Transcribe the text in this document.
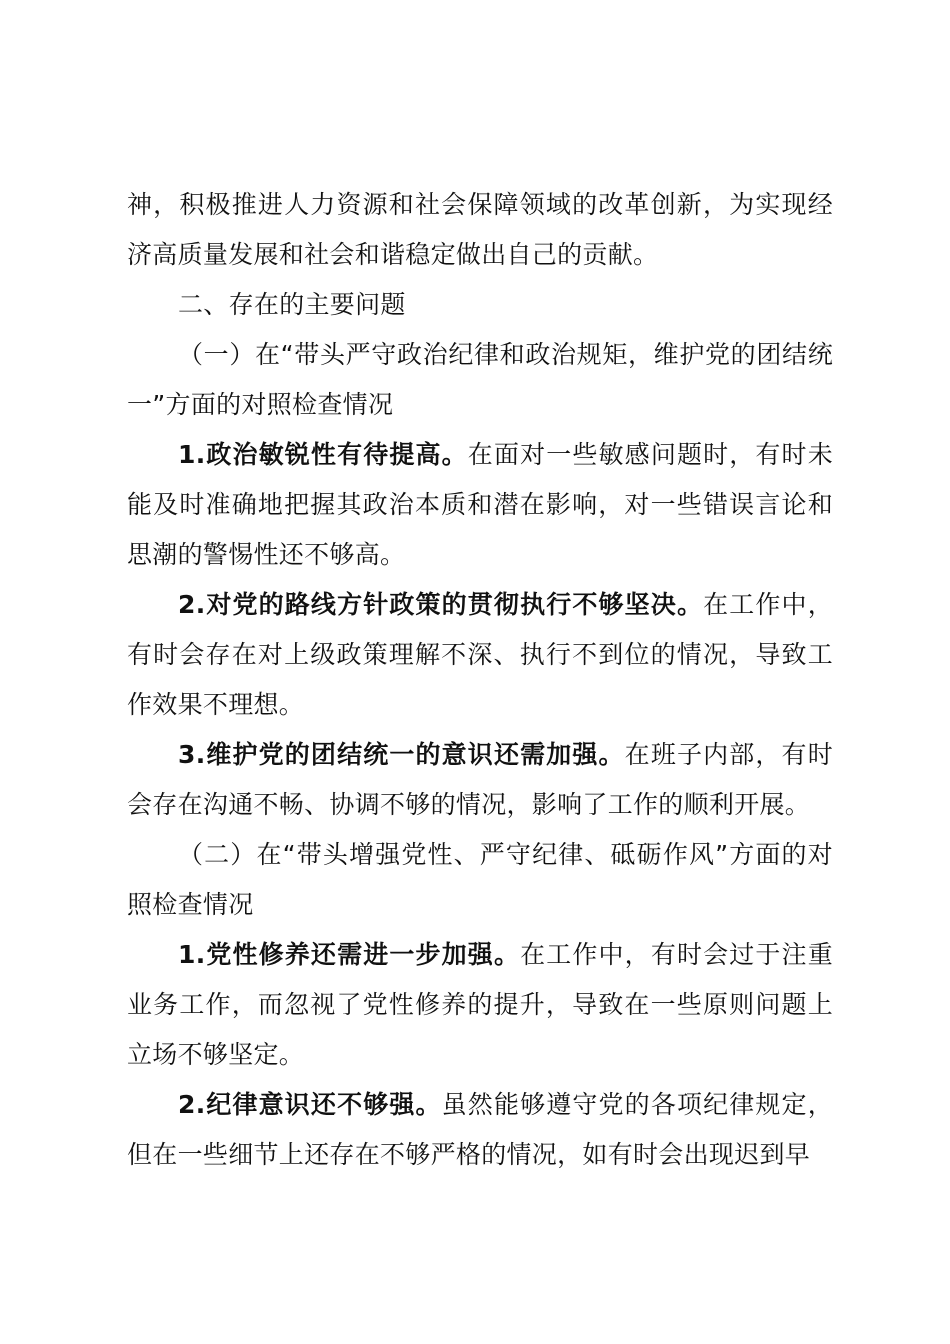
神，积极推进人力资源和社会保障领域的改革创新，为实现经济高质量发展和社会和谐稳定做出自己的贡献。

二、存在的主要问题

（一）在“带头严守政治纪律和政治规矩，维护党的团结统一”方面的对照检查情况

1.政治敏锐性有待提高。在面对一些敏感问题时，有时未能及时准确地把握其政治本质和潜在影响，对一些错误言论和思潮的警惕性还不够高。

2.对党的路线方针政策的贯彻执行不够坚决。在工作中，有时会存在对上级政策理解不深、执行不到位的情况，导致工作效果不理想。

3.维护党的团结统一的意识还需加强。在班子内部，有时会存在沟通不畅、协调不够的情况，影响了工作的顺利开展。

（二）在“带头增强党性、严守纪律、砥砺作风”方面的对照检查情况

1.党性修养还需进一步加强。在工作中，有时会过于注重业务工作，而忽视了党性修养的提升，导致在一些原则问题上立场不够坚定。

2.纪律意识还不够强。虽然能够遵守党的各项纪律规定，但在一些细节上还存在不够严格的情况，如有时会出现迟到早
